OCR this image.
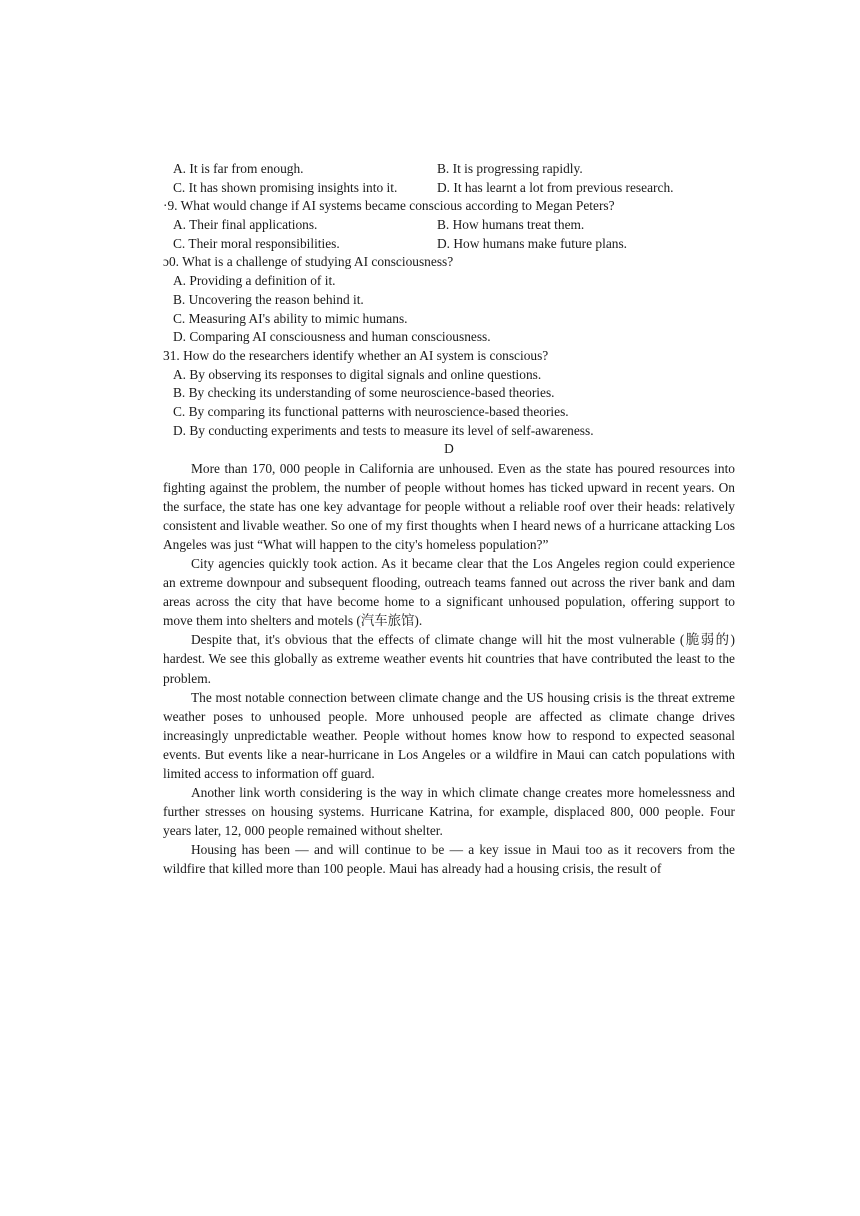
A. It is far from enough.	B. It is progressing rapidly.
C. It has shown promising insights into it.	D. It has learnt a lot from previous research.
·9. What would change if AI systems became conscious according to Megan Peters?
A. Their final applications.	B. How humans treat them.
C. Their moral responsibilities.	D. How humans make future plans.
ɔ0. What is a challenge of studying AI consciousness?
A. Providing a definition of it.
B. Uncovering the reason behind it.
C. Measuring AI's ability to mimic humans.
D. Comparing AI consciousness and human consciousness.
31. How do the researchers identify whether an AI system is conscious?
A. By observing its responses to digital signals and online questions.
B. By checking its understanding of some neuroscience-based theories.
C. By comparing its functional patterns with neuroscience-based theories.
D. By conducting experiments and tests to measure its level of self-awareness.
D

More than 170, 000 people in California are unhoused. Even as the state has poured resources into fighting against the problem, the number of people without homes has ticked upward in recent years. On the surface, the state has one key advantage for people without a reliable roof over their heads: relatively consistent and livable weather. So one of my first thoughts when I heard news of a hurricane attacking Los Angeles was just “What will happen to the city's homeless population?”

City agencies quickly took action. As it became clear that the Los Angeles region could experience an extreme downpour and subsequent flooding, outreach teams fanned out across the river bank and dam areas across the city that have become home to a significant unhoused population, offering support to move them into shelters and motels (汽车旅馆).

Despite that, it's obvious that the effects of climate change will hit the most vulnerable (脆弱的) hardest. We see this globally as extreme weather events hit countries that have contributed the least to the problem.

The most notable connection between climate change and the US housing crisis is the threat extreme weather poses to unhoused people. More unhoused people are affected as climate change drives increasingly unpredictable weather. People without homes know how to respond to expected seasonal events. But events like a near-hurricane in Los Angeles or a wildfire in Maui can catch populations with limited access to information off guard.

Another link worth considering is the way in which climate change creates more homelessness and further stresses on housing systems. Hurricane Katrina, for example, displaced 800, 000 people. Four years later, 12, 000 people remained without shelter.

Housing has been — and will continue to be — a key issue in Maui too as it recovers from the wildfire that killed more than 100 people. Maui has already had a housing crisis, the result of
